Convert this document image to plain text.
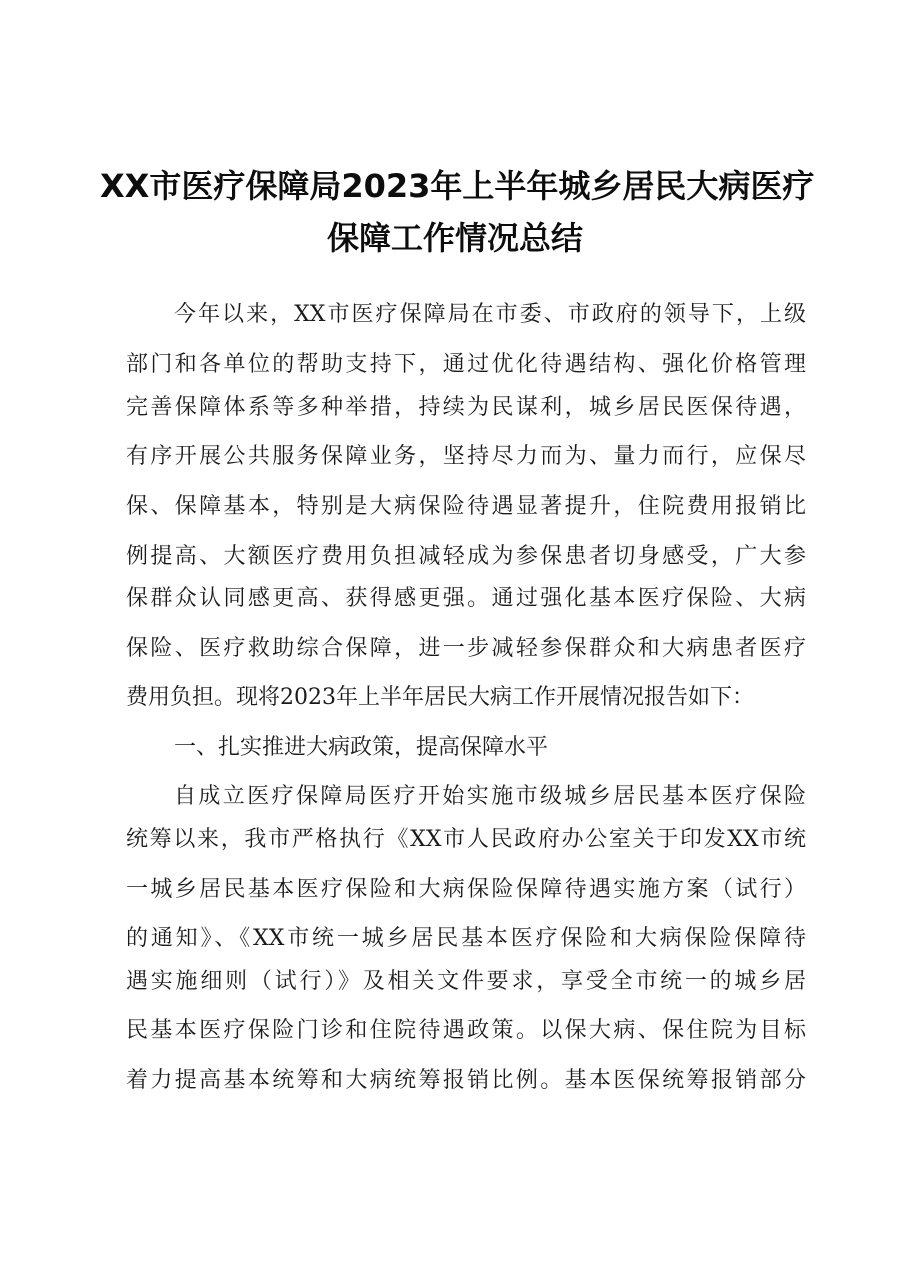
XX市医疗保障局2023年上半年城乡居民大病医疗
保障工作情况总结
今年以来，XX市医疗保障局在市委、市政府的领导下，上级
部门和各单位的帮助支持下，通过优化待遇结构、强化价格管理
完善保障体系等多种举措，持续为民谋利，城乡居民医保待遇，
有序开展公共服务保障业务，坚持尽力而为、量力而行，应保尽
保、保障基本，特别是大病保险待遇显著提升，住院费用报销比
例提高、大额医疗费用负担减轻成为参保患者切身感受，广大参
保群众认同感更高、获得感更强。通过强化基本医疗保险、大病
保险、医疗救助综合保障，进一步减轻参保群众和大病患者医疗
费用负担。现将2023年上半年居民大病工作开展情况报告如下：
一、扎实推进大病政策，提高保障水平
自成立医疗保障局医疗开始实施市级城乡居民基本医疗保险
统筹以来，我市严格执行《XX市人民政府办公室关于印发XX市统
一城乡居民基本医疗保险和大病保险保障待遇实施方案（试行）
的通知》、《XX市统一城乡居民基本医疗保险和大病保险保障待
遇实施细则（试行）》及相关文件要求，享受全市统一的城乡居
民基本医疗保险门诊和住院待遇政策。以保大病、保住院为目标
着力提高基本统筹和大病统筹报销比例。基本医保统筹报销部分
